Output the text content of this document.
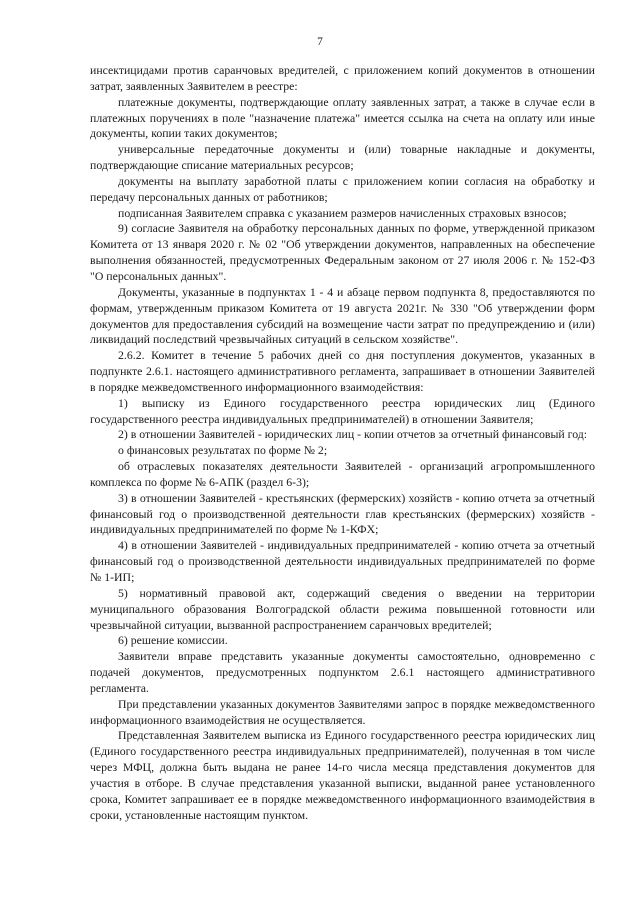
7

инсектицидами против саранчовых вредителей, с приложением копий документов в отношении затрат, заявленных Заявителем в реестре:

платежные документы, подтверждающие оплату заявленных затрат, а также в случае если в платежных поручениях в поле "назначение платежа" имеется ссылка на счета на оплату или иные документы, копии таких документов;

универсальные передаточные документы и (или) товарные накладные и документы, подтверждающие списание материальных ресурсов;

документы на выплату заработной платы с приложением копии согласия на обработку и передачу персональных данных от работников;

подписанная Заявителем справка с указанием размеров начисленных страховых взносов;

9) согласие Заявителя на обработку персональных данных по форме, утвержденной приказом Комитета от 13 января 2020 г. № 02 "Об утверждении документов, направленных на обеспечение выполнения обязанностей, предусмотренных Федеральным законом от 27 июля 2006 г. № 152-ФЗ "О персональных данных".

Документы, указанные в подпунктах 1 - 4 и абзаце первом подпункта 8, предоставляются по формам, утвержденным приказом Комитета от 19 августа 2021г. № 330 "Об утверждении форм документов для предоставления субсидий на возмещение части затрат по предупреждению и (или) ликвидаций последствий чрезвычайных ситуаций в сельском хозяйстве".

2.6.2. Комитет в течение 5 рабочих дней со дня поступления документов, указанных в подпункте 2.6.1. настоящего административного регламента, запрашивает в отношении Заявителей в порядке межведомственного информационного взаимодействия:

1) выписку из Единого государственного реестра юридических лиц (Единого государственного реестра индивидуальных предпринимателей) в отношении Заявителя;

2) в отношении Заявителей - юридических лиц - копии отчетов за отчетный финансовый год:

о финансовых результатах по форме № 2;

об отраслевых показателях деятельности Заявителей - организаций агропромышленного комплекса по форме № 6-АПК (раздел 6-3);

3) в отношении Заявителей - крестьянских (фермерских) хозяйств - копию отчета за отчетный финансовый год о производственной деятельности глав крестьянских (фермерских) хозяйств - индивидуальных предпринимателей по форме № 1-КФХ;

4) в отношении Заявителей - индивидуальных предпринимателей - копию отчета за отчетный финансовый год о производственной деятельности индивидуальных предпринимателей по форме № 1-ИП;

5) нормативный правовой акт, содержащий сведения о введении на территории муниципального образования Волгоградской области режима повышенной готовности или чрезвычайной ситуации, вызванной распространением саранчовых вредителей;

6) решение комиссии.

Заявители вправе представить указанные документы самостоятельно, одновременно с подачей документов, предусмотренных подпунктом 2.6.1 настоящего административного регламента.

При представлении указанных документов Заявителями запрос в порядке межведомственного информационного взаимодействия не осуществляется.

Представленная Заявителем выписка из Единого государственного реестра юридических лиц (Единого государственного реестра индивидуальных предпринимателей), полученная в том числе через МФЦ, должна быть выдана не ранее 14-го числа месяца представления документов для участия в отборе. В случае представления указанной выписки, выданной ранее установленного срока, Комитет запрашивает ее в порядке межведомственного информационного взаимодействия в сроки, установленные настоящим пунктом.
